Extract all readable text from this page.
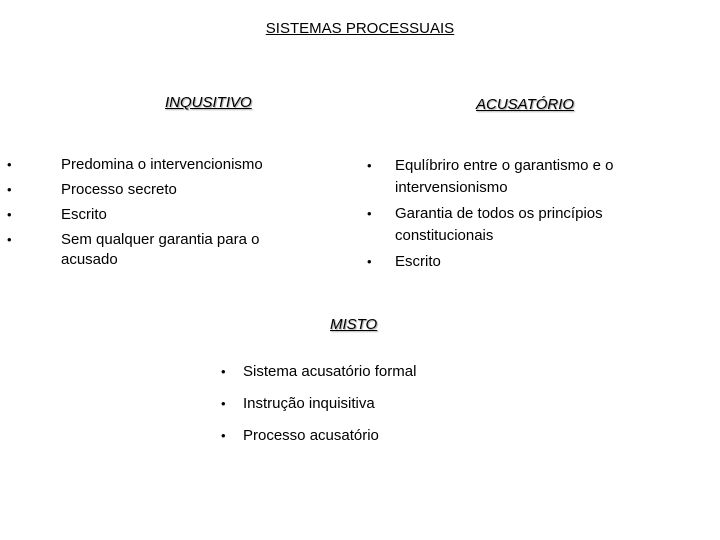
SISTEMAS PROCESSUAIS
INQUSITIVO
•	Predomina o intervencionismo
•	Processo secreto
•	Escrito
•	Sem qualquer garantia para o acusado
ACUSATÓRIO
• Equlíbriro entre o garantismo e o intervensionismo
• Garantia de todos os princípios constitucionais
• Escrito
MISTO
• Sistema acusatório formal
• Instrução inquisitiva
• Processo acusatório
